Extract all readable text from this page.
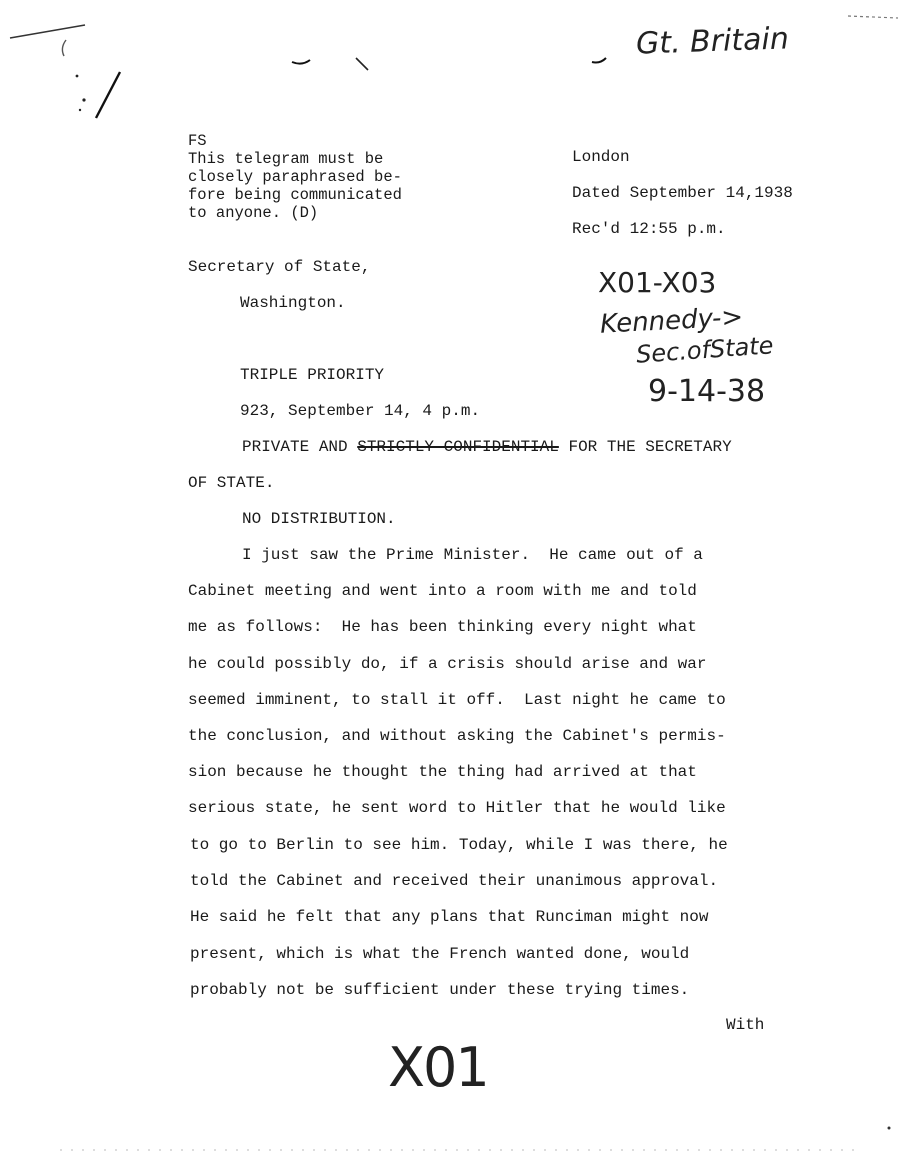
Gt. Britain
FS
This telegram must be
closely paraphrased be-
fore being communicated
to anyone. (D)
London
Dated September 14,1938
Rec'd 12:55 p.m.
X01-X03
Kennedy->
Sec.ofState
9-14-38
Secretary of State,
Washington.
TRIPLE PRIORITY
923, September 14, 4 p.m.
PRIVATE AND STRICTLY CONFIDENTIAL FOR THE SECRETARY
OF STATE.
NO DISTRIBUTION.
I just saw the Prime Minister.  He came out of a
Cabinet meeting and went into a room with me and told
me as follows:  He has been thinking every night what
he could possibly do, if a crisis should arise and war
seemed imminent, to stall it off.  Last night he came to
the conclusion, and without asking the Cabinet's permis-
sion because he thought the thing had arrived at that
serious state, he sent word to Hitler that he would like
to go to Berlin to see him. Today, while I was there, he
told the Cabinet and received their unanimous approval.
He said he felt that any plans that Runciman might now
present, which is what the French wanted done, would
probably not be sufficient under these trying times.
With
X01
